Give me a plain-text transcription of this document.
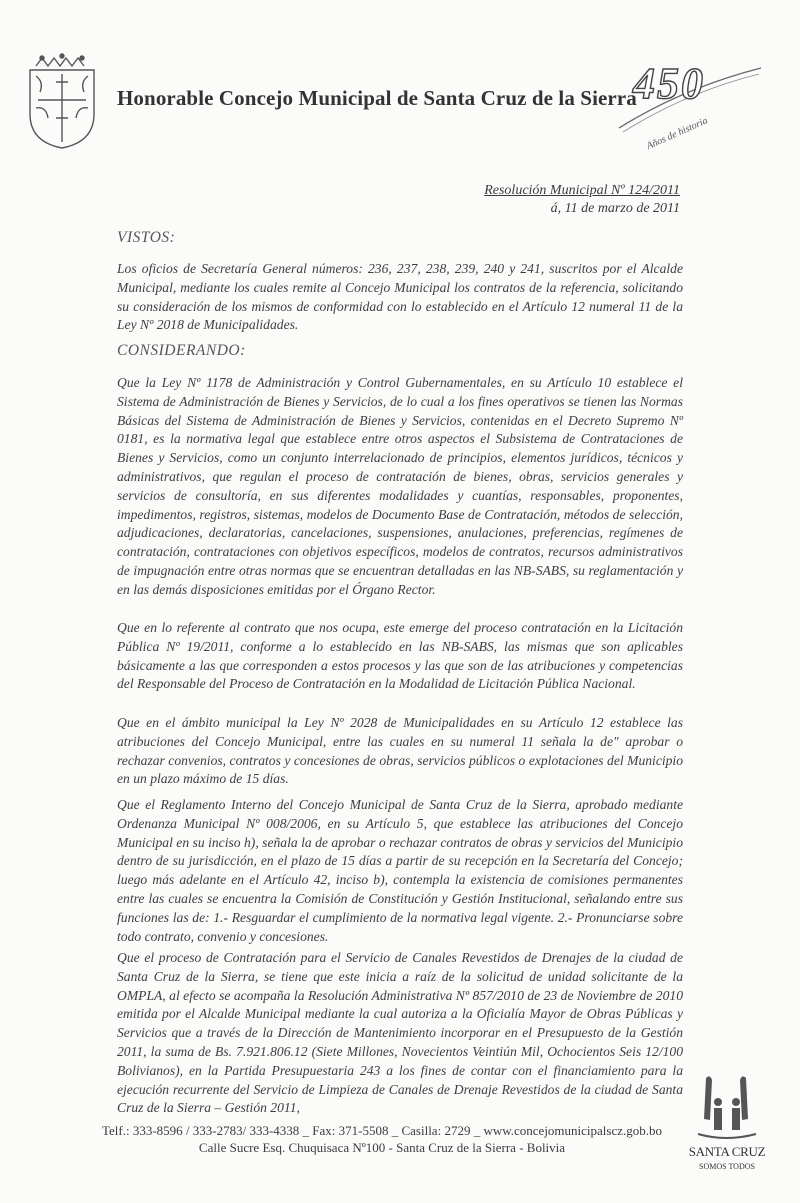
Honorable Concejo Municipal de Santa Cruz de la Sierra
450
Años de historia
Resolución Municipal Nº 124/2011
á, 11 de marzo de 2011
VISTOS:

Los oficios de Secretaría General números: 236, 237, 238, 239, 240 y 241, suscritos por el Alcalde Municipal, mediante los cuales remite al Concejo Municipal los contratos de la referencia, solicitando su consideración de los mismos de conformidad con lo establecido en el Artículo 12 numeral 11 de la Ley Nº 2018 de Municipalidades.

CONSIDERANDO:

Que la Ley Nº 1178 de Administración y Control Gubernamentales, en su Artículo 10 establece el Sistema de Administración de Bienes y Servicios, de lo cual a los fines operativos se tienen las Normas Básicas del Sistema de Administración de Bienes y Servicios, contenidas en el Decreto Supremo Nº 0181, es la normativa legal que establece entre otros aspectos el Subsistema de Contrataciones de Bienes y Servicios, como un conjunto interrelacionado de principios, elementos jurídicos, técnicos y administrativos, que regulan el proceso de contratación de bienes, obras, servicios generales y servicios de consultoría, en sus diferentes modalidades y cuantías, responsables, proponentes, impedimentos, registros, sistemas, modelos de Documento Base de Contratación, métodos de selección, adjudicaciones, declaratorias, cancelaciones, suspensiones, anulaciones, preferencias, regímenes de contratación, contrataciones con objetivos específicos, modelos de contratos, recursos administrativos de impugnación entre otras normas que se encuentran detalladas en las NB-SABS, su reglamentación y en las demás disposiciones emitidas por el Órgano Rector.

Que en lo referente al contrato que nos ocupa, este emerge del proceso contratación en la Licitación Pública Nº 19/2011, conforme a lo establecido en las NB-SABS, las mismas que son aplicables básicamente a las que corresponden a estos procesos y las que son de las atribuciones y competencias del Responsable del Proceso de Contratación en la Modalidad de Licitación Pública Nacional.

Que en el ámbito municipal la Ley Nº 2028 de Municipalidades en su Artículo 12 establece las atribuciones del Concejo Municipal, entre las cuales en su numeral 11 señala la de" aprobar o rechazar convenios, contratos y concesiones de obras, servicios públicos o explotaciones del Municipio en un plazo máximo de 15 días.

Que el Reglamento Interno del Concejo Municipal de Santa Cruz de la Sierra, aprobado mediante Ordenanza Municipal Nº 008/2006, en su Artículo 5, que establece las atribuciones del Concejo Municipal en su inciso h), señala la de aprobar o rechazar contratos de obras y servicios del Municipio dentro de su jurisdicción, en el plazo de 15 días a partir de su recepción en la Secretaría del Concejo; luego más adelante en el Artículo 42, inciso b), contempla la existencia de comisiones permanentes entre las cuales se encuentra la Comisión de Constitución y Gestión Institucional, señalando entre sus funciones las de: 1.- Resguardar el cumplimiento de la normativa legal vigente. 2.- Pronunciarse sobre todo contrato, convenio y concesiones.

Que el proceso de Contratación para el Servicio de Canales Revestidos de Drenajes de la ciudad de Santa Cruz de la Sierra, se tiene que este inicia a raíz de la solicitud de unidad solicitante de la OMPLA, al efecto se acompaña la Resolución Administrativa Nº 857/2010 de 23 de Noviembre de 2010 emitida por el Alcalde Municipal mediante la cual autoriza a la Oficialía Mayor de Obras Públicas y Servicios que a través de la Dirección de Mantenimiento incorporar en el Presupuesto de la Gestión 2011, la suma de Bs. 7.921.806.12 (Siete Millones, Novecientos Veintiún Mil, Ochocientos Seis 12/100 Bolivianos), en la Partida Presupuestaria 243 a los fines de contar con el financiamiento para la ejecución recurrente del Servicio de Limpieza de Canales de Drenaje Revestidos de la ciudad de Santa Cruz de la Sierra – Gestión 2011,

Telf.: 333-8596 / 333-2783/ 333-4338 _ Fax: 371-5508 _ Casilla: 2729 _ www.concejomunicipalscz.gob.bo
Calle Sucre Esq. Chuquisaca Nº100 - Santa Cruz de la Sierra - Bolivia	SANTA CRUZ
SOMOS TODOS
